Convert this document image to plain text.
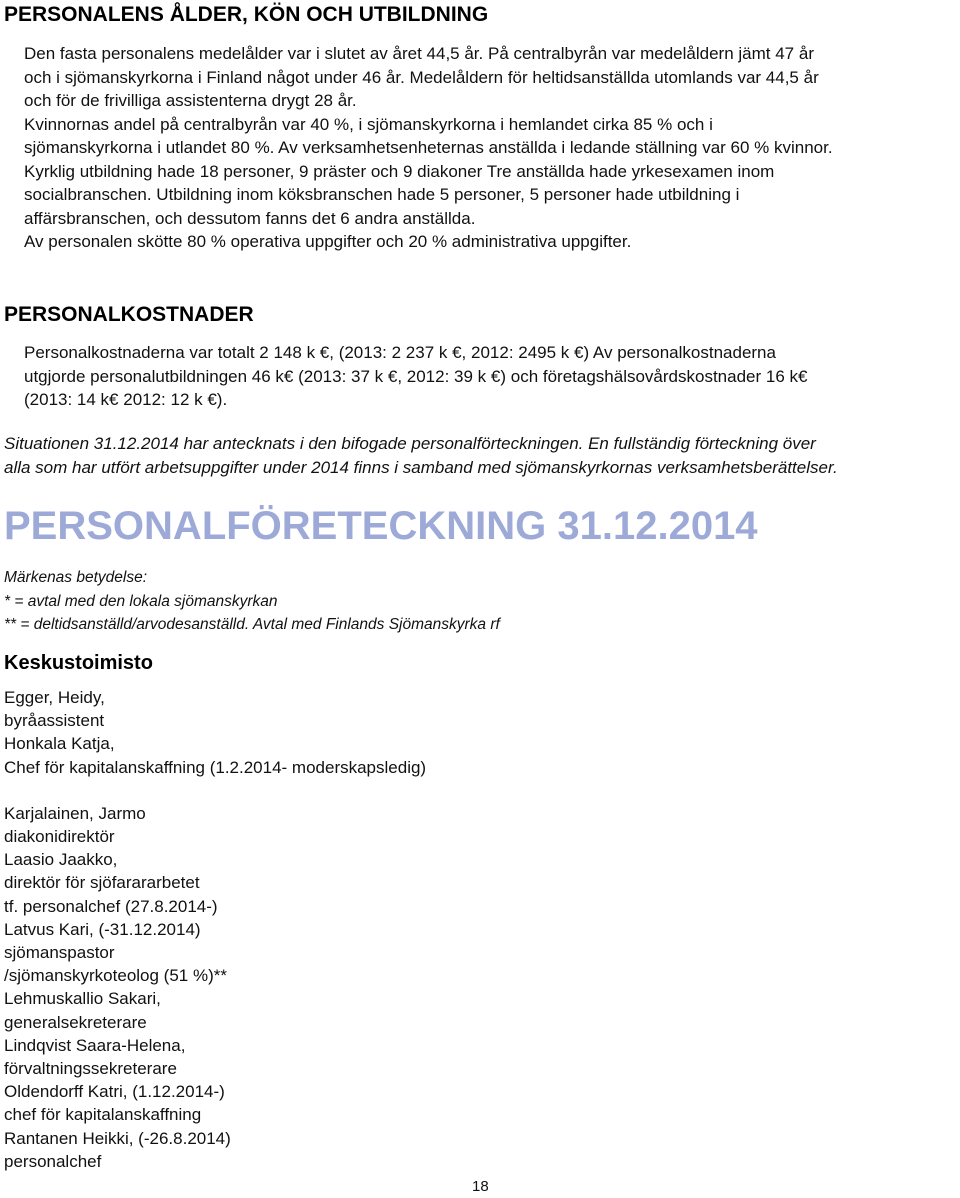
PERSONALENS ÅLDER, KÖN OCH UTBILDNING

Den fasta personalens medelålder var i slutet av året 44,5 år. På centralbyrån var medelåldern jämt 47 år

och i sjömanskyrkorna i Finland något under 46 år. Medelåldern för heltidsanställda utomlands var 44,5 år

och för de frivilliga assistenterna drygt 28 år.

Kvinnornas andel på centralbyrån var 40 %, i sjömanskyrkorna i hemlandet cirka 85 % och i

sjömanskyrkorna i utlandet 80 %. Av verksamhetsenheternas anställda i ledande ställning var 60 % kvinnor.

Kyrklig utbildning hade 18 personer, 9 präster och 9 diakoner Tre anställda hade yrkesexamen inom

socialbranschen. Utbildning inom köksbranschen hade 5 personer, 5 personer hade utbildning i

affärsbranschen, och dessutom fanns det 6 andra anställda.

Av personalen skötte 80 % operativa uppgifter och 20 % administrativa uppgifter.

PERSONALKOSTNADER

Personalkostnaderna var totalt 2 148 k €, (2013: 2 237 k €, 2012: 2495 k €) Av personalkostnaderna

utgjorde personalutbildningen 46 k€ (2013: 37 k €, 2012: 39 k €) och företagshälsovårdskostnader 16 k€

(2013: 14 k€ 2012: 12 k €).

Situationen 31.12.2014 har antecknats i den bifogade personalförteckningen. En fullständig förteckning över

alla som har utfört arbetsuppgifter under 2014 finns i samband med sjömanskyrkornas verksamhetsberättelser.

PERSONALFÖRETECKNING 31.12.2014

Märkenas betydelse:

* = avtal med den lokala sjömanskyrkan

** = deltidsanställd/arvodesanställd. Avtal med Finlands Sjömanskyrka rf

Keskustoimisto

Egger, Heidy,

byråassistent

Honkala Katja,

Chef för kapitalanskaffning (1.2.2014- moderskapsledig)

Karjalainen, Jarmo

diakonidirektör

Laasio Jaakko,

direktör för sjöfarararbetet

tf. personalchef (27.8.2014-)

Latvus Kari, (-31.12.2014)

sjömanspastor

/sjömanskyrkoteolog (51 %)**

Lehmuskallio Sakari,

generalsekreterare

Lindqvist Saara-Helena,

förvaltningssekreterare

Oldendorff Katri, (1.12.2014-)

chef för kapitalanskaffning

Rantanen Heikki, (-26.8.2014)

personalchef

18
